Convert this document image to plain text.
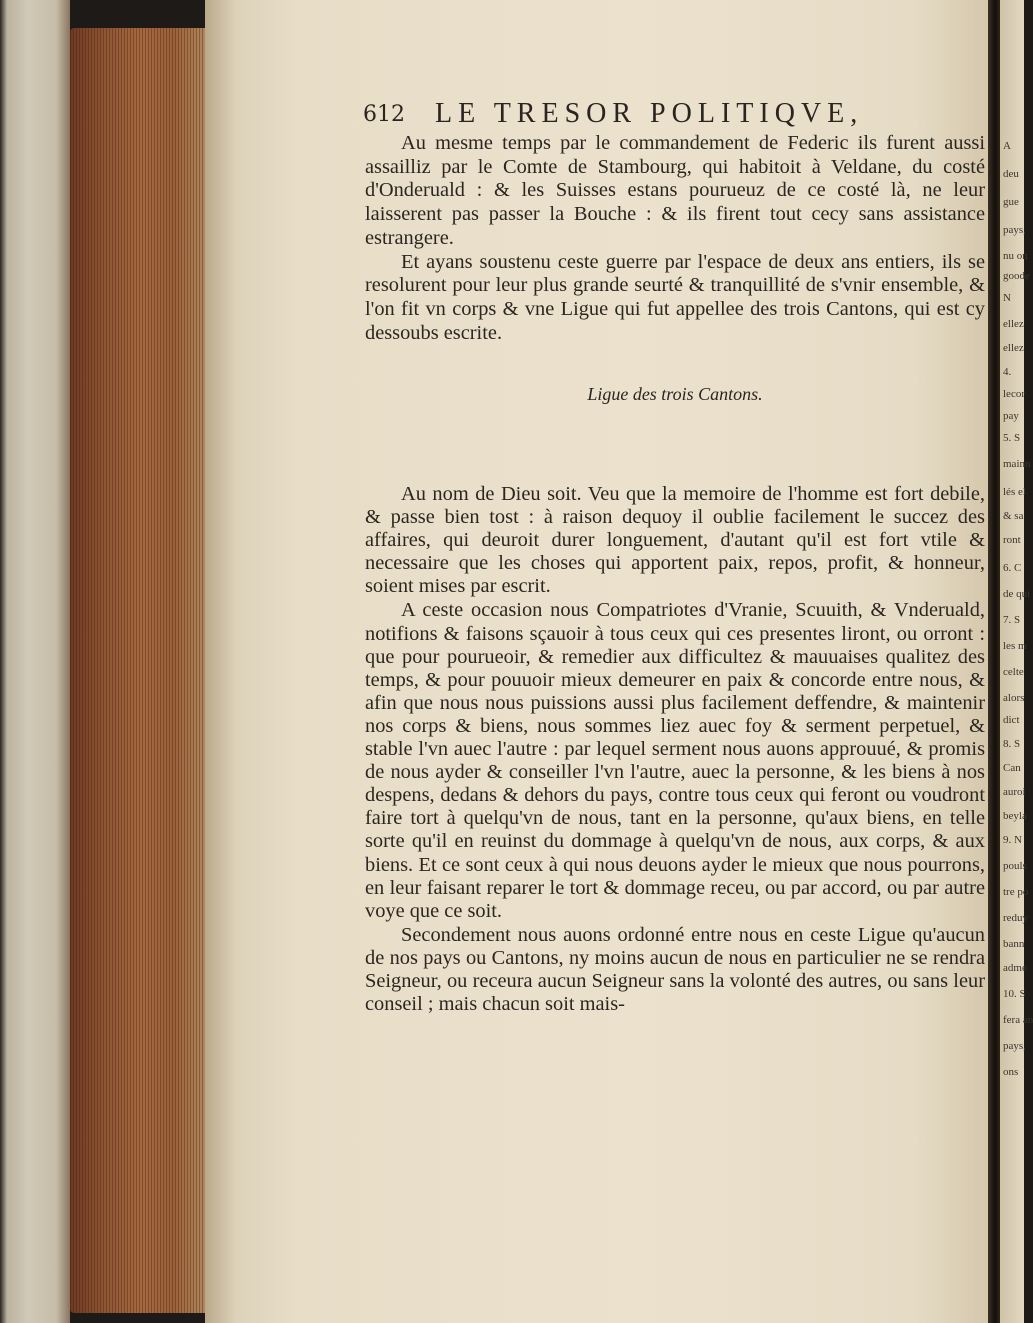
612 LE TRESOR POLITIQVE,

Au mesme temps par le commandement de Federic ils furent aussi assailliz par le Comte de Stambourg, qui habitoit à Veldane, du costé d'Onderuald : & les Suisses estans pourueuz de ce costé là, ne leur laisserent pas passer la Bouche : & ils firent tout cecy sans assistance estrangere.

Et ayans soustenu ceste guerre par l'espace de deux ans entiers, ils se resolurent pour leur plus grande seurté & tranquillité de s'vnir ensemble, & l'on fit vn corps & vne Ligue qui fut appellee des trois Cantons, qui est cy dessoubs escrite.

Ligue des trois Cantons.

Au nom de Dieu soit. Veu que la memoire de l'homme est fort debile, & passe bien tost : à raison dequoy il oublie facilement le succez des affaires, qui deuroit durer longuement, d'autant qu'il est fort vtile & necessaire que les choses qui apportent paix, repos, profit, & honneur, soient mises par escrit.

A ceste occasion nous Compatriotes d'Vranie, Scuuith, & Vnderuald, notifions & faisons sçauoir à tous ceux qui ces presentes liront, ou orront : que pour pourueoir, & remedier aux difficultez & mauuaises qualitez des temps, & pour pouuoir mieux demeurer en paix & concorde entre nous, & afin que nous nous puissions aussi plus facilement deffendre, & maintenir nos corps & biens, nous sommes liez auec foy & serment perpetuel, & stable l'vn auec l'autre : par lequel serment nous auons approuué, & promis de nous ayder & conseiller l'vn l'autre, auec la personne, & les biens à nos despens, dedans & dehors du pays, contre tous ceux qui feront ou voudront faire tort à quelqu'vn de nous, tant en la personne, qu'aux biens, en telle sorte qu'il en reuinst du dommage à quelqu'vn de nous, aux corps, & aux biens. Et ce sont ceux à qui nous deuons ayder le mieux que nous pourrons, en leur faisant reparer le tort & dommage receu, ou par accord, ou par autre voye que ce soit.

Secondement nous auons ordonné entre nous en ceste Ligue qu'aucun de nos pays ou Cantons, ny moins aucun de nous en particulier ne se rendra Seigneur, ou receura aucun Seigneur sans la volonté des autres, ou sans leur conseil ; mais chacun soit mais-

A
deu
gue
pays,
nu on
goode
N
ellez
ellez
4.
lecor
pay
5. S
mainn
lés el
& sa
ront
6. C
de qui
7. S
les m
celte
alors
dict
8. S
Can
auroi
beyla
9. N
pouls
tre po
reduy
bann
adme
10. S
fera an
pays,
ons
